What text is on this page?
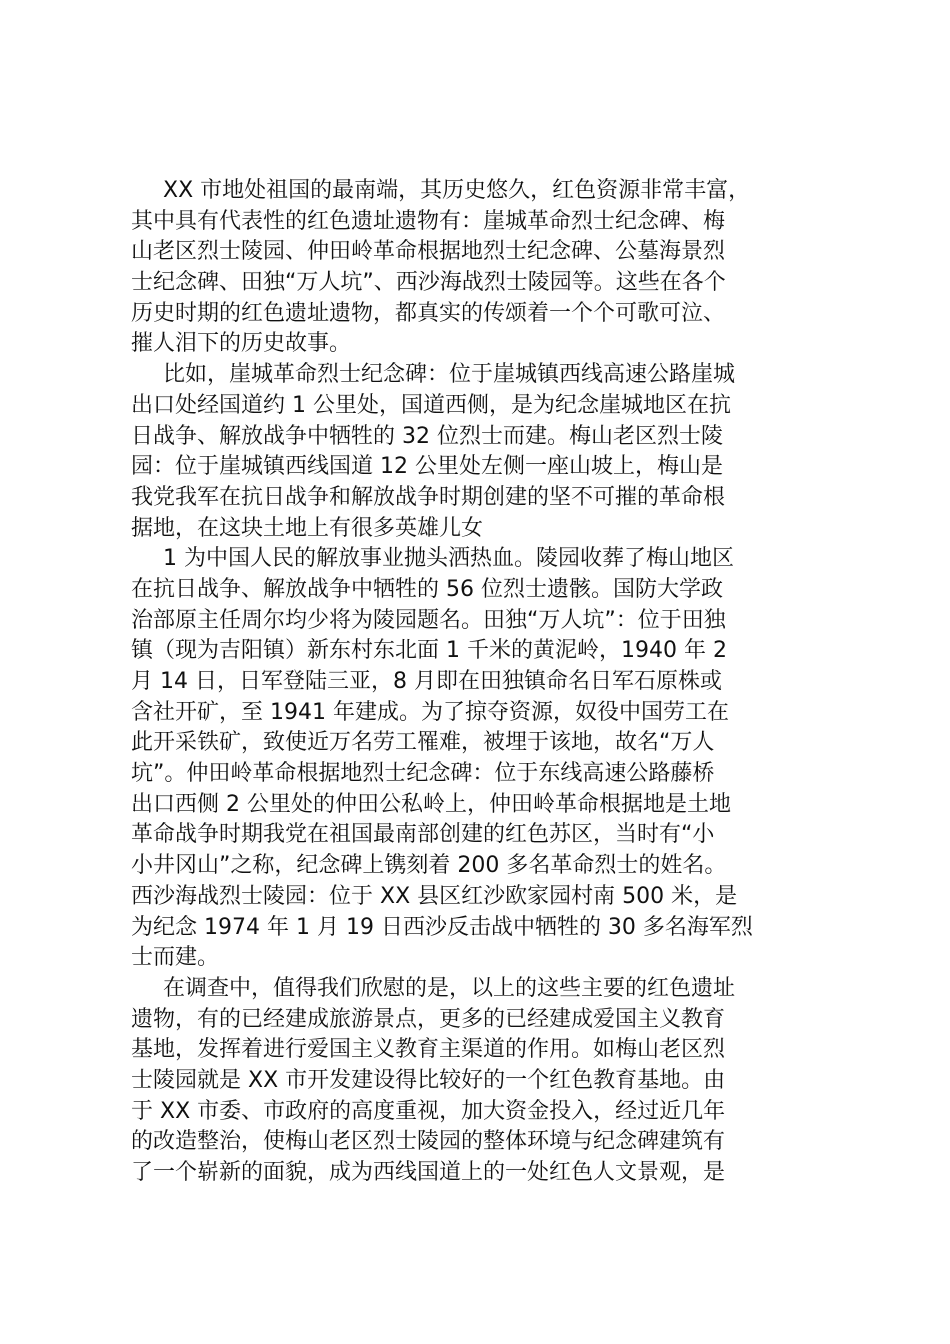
XX 市地处祖国的最南端，其历史悠久，红色资源非常丰富，
其中具有代表性的红色遗址遗物有：崖城革命烈士纪念碑、梅
山老区烈士陵园、仲田岭革命根据地烈士纪念碑、公墓海景烈
士纪念碑、田独“万人坑”、西沙海战烈士陵园等。这些在各个
历史时期的红色遗址遗物，都真实的传颂着一个个可歌可泣、
摧人泪下的历史故事。
比如，崖城革命烈士纪念碑：位于崖城镇西线高速公路崖城
出口处经国道约 1 公里处，国道西侧，是为纪念崖城地区在抗
日战争、解放战争中牺牲的 32 位烈士而建。梅山老区烈士陵
园：位于崖城镇西线国道 12 公里处左侧一座山坡上，梅山是
我党我军在抗日战争和解放战争时期创建的坚不可摧的革命根
据地，在这块土地上有很多英雄儿女
1 为中国人民的解放事业抛头洒热血。陵园收葬了梅山地区
在抗日战争、解放战争中牺牲的 56 位烈士遗骸。国防大学政
治部原主任周尔均少将为陵园题名。田独“万人坑”：位于田独
镇（现为吉阳镇）新东村东北面 1 千米的黄泥岭，1940 年 2
月 14 日，日军登陆三亚，8 月即在田独镇命名日军石原株或
含社开矿，至 1941 年建成。为了掠夺资源，奴役中国劳工在
此开采铁矿，致使近万名劳工罹难，被埋于该地，故名“万人
坑”。仲田岭革命根据地烈士纪念碑：位于东线高速公路藤桥
出口西侧 2 公里处的仲田公私岭上，仲田岭革命根据地是土地
革命战争时期我党在祖国最南部创建的红色苏区，当时有“小
小井冈山”之称，纪念碑上镌刻着 200 多名革命烈士的姓名。
西沙海战烈士陵园：位于 XX 县区红沙欧家园村南 500 米，是
为纪念 1974 年 1 月 19 日西沙反击战中牺牲的 30 多名海军烈
士而建。
在调查中，值得我们欣慰的是，以上的这些主要的红色遗址
遗物，有的已经建成旅游景点，更多的已经建成爱国主义教育
基地，发挥着进行爱国主义教育主渠道的作用。如梅山老区烈
士陵园就是 XX 市开发建设得比较好的一个红色教育基地。由
于 XX 市委、市政府的高度重视，加大资金投入，经过近几年
的改造整治，使梅山老区烈士陵园的整体环境与纪念碑建筑有
了一个崭新的面貌，成为西线国道上的一处红色人文景观，是
